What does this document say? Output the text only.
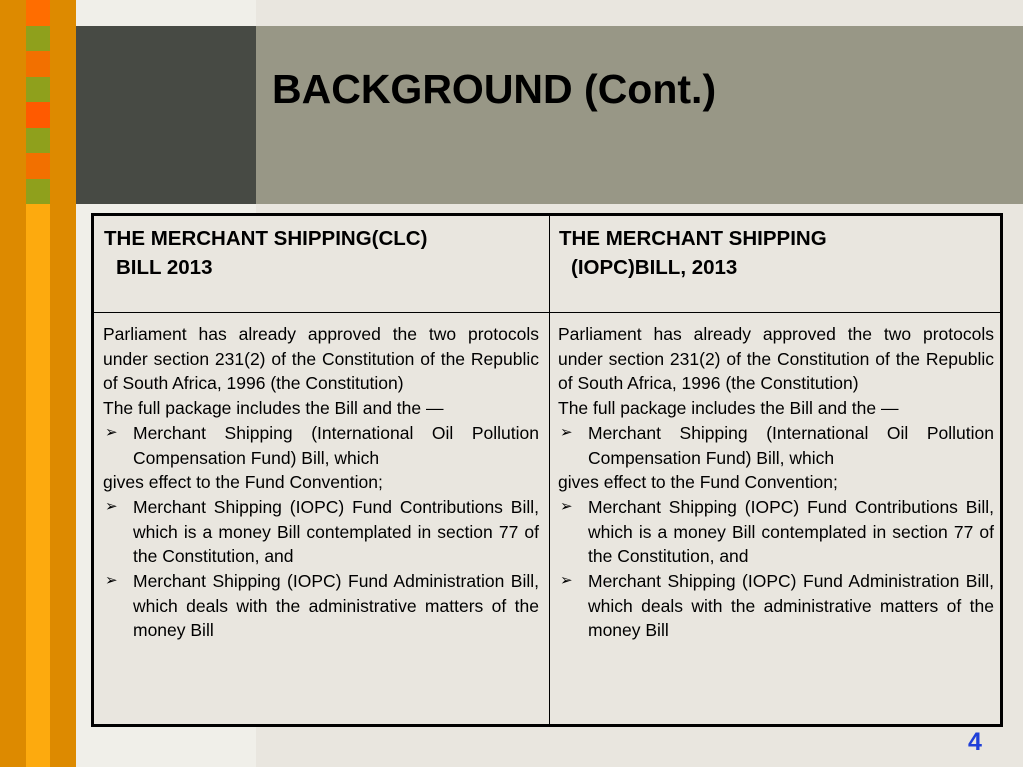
BACKGROUND (Cont.)
THE MERCHANT SHIPPING(CLC)
BILL 2013
THE MERCHANT SHIPPING
(IOPC)BILL, 2013

Parliament has already approved the two protocols under section 231(2) of the Constitution of the Republic of South Africa, 1996 (the Constitution)

The full package includes the Bill and the —

➢ Merchant Shipping (International Oil Pollution Compensation Fund) Bill, which

gives effect to the Fund Convention;

➢ Merchant Shipping (IOPC) Fund Contributions Bill, which is a money Bill contemplated in section 77 of the Constitution, and

➢ Merchant Shipping (IOPC) Fund Administration Bill, which deals with the administrative matters of the money Bill

Parliament has already approved the two protocols under section 231(2) of the Constitution of the Republic of South Africa, 1996 (the Constitution)

The full package includes the Bill and the —

➢ Merchant Shipping (International Oil Pollution Compensation Fund) Bill, which

gives effect to the Fund Convention;

➢ Merchant Shipping (IOPC) Fund Contributions Bill, which is a money Bill contemplated in section 77 of the Constitution, and

➢ Merchant Shipping (IOPC) Fund Administration Bill, which deals with the administrative matters of the money Bill

4
